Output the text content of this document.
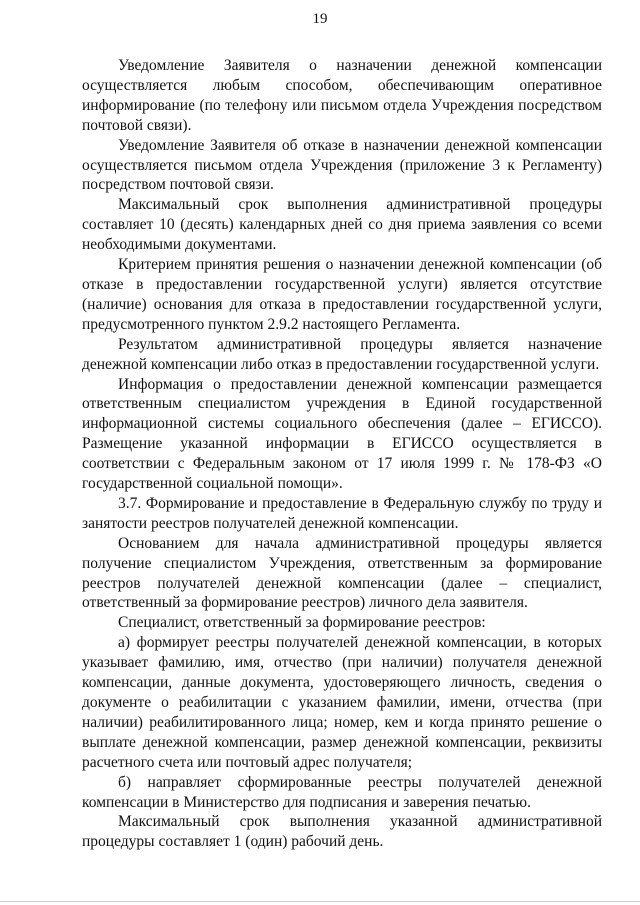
19

Уведомление Заявителя о назначении денежной компенсации осуществляется любым способом, обеспечивающим оперативное информирование (по телефону или письмом отдела Учреждения посредством почтовой связи).

Уведомление Заявителя об отказе в назначении денежной компенсации осуществляется письмом отдела Учреждения (приложение 3 к Регламенту) посредством почтовой связи.

Максимальный срок выполнения административной процедуры составляет 10 (десять) календарных дней со дня приема заявления со всеми необходимыми документами.

Критерием принятия решения о назначении денежной компенсации (об отказе в предоставлении государственной услуги) является отсутствие (наличие) основания для отказа в предоставлении государственной услуги, предусмотренного пунктом 2.9.2 настоящего Регламента.

Результатом административной процедуры является назначение денежной компенсации либо отказ в предоставлении государственной услуги.

Информация о предоставлении денежной компенсации размещается ответственным специалистом учреждения в Единой государственной информационной системы социального обеспечения (далее – ЕГИССО). Размещение указанной информации в ЕГИССО осуществляется в соответствии с Федеральным законом от 17 июля 1999 г. № 178-ФЗ «О государственной социальной помощи».

3.7. Формирование и предоставление в Федеральную службу по труду и занятости реестров получателей денежной компенсации.

Основанием для начала административной процедуры является получение специалистом Учреждения, ответственным за формирование реестров получателей денежной компенсации (далее – специалист, ответственный за формирование реестров) личного дела заявителя.

Специалист, ответственный за формирование реестров:

а) формирует реестры получателей денежной компенсации, в которых указывает фамилию, имя, отчество (при наличии) получателя денежной компенсации, данные документа, удостоверяющего личность, сведения о документе о реабилитации с указанием фамилии, имени, отчества (при наличии) реабилитированного лица; номер, кем и когда принято решение о выплате денежной компенсации, размер денежной компенсации, реквизиты расчетного счета или почтовый адрес получателя;

б) направляет сформированные реестры получателей денежной компенсации в Министерство для подписания и заверения печатью.

Максимальный срок выполнения указанной административной процедуры составляет 1 (один) рабочий день.
